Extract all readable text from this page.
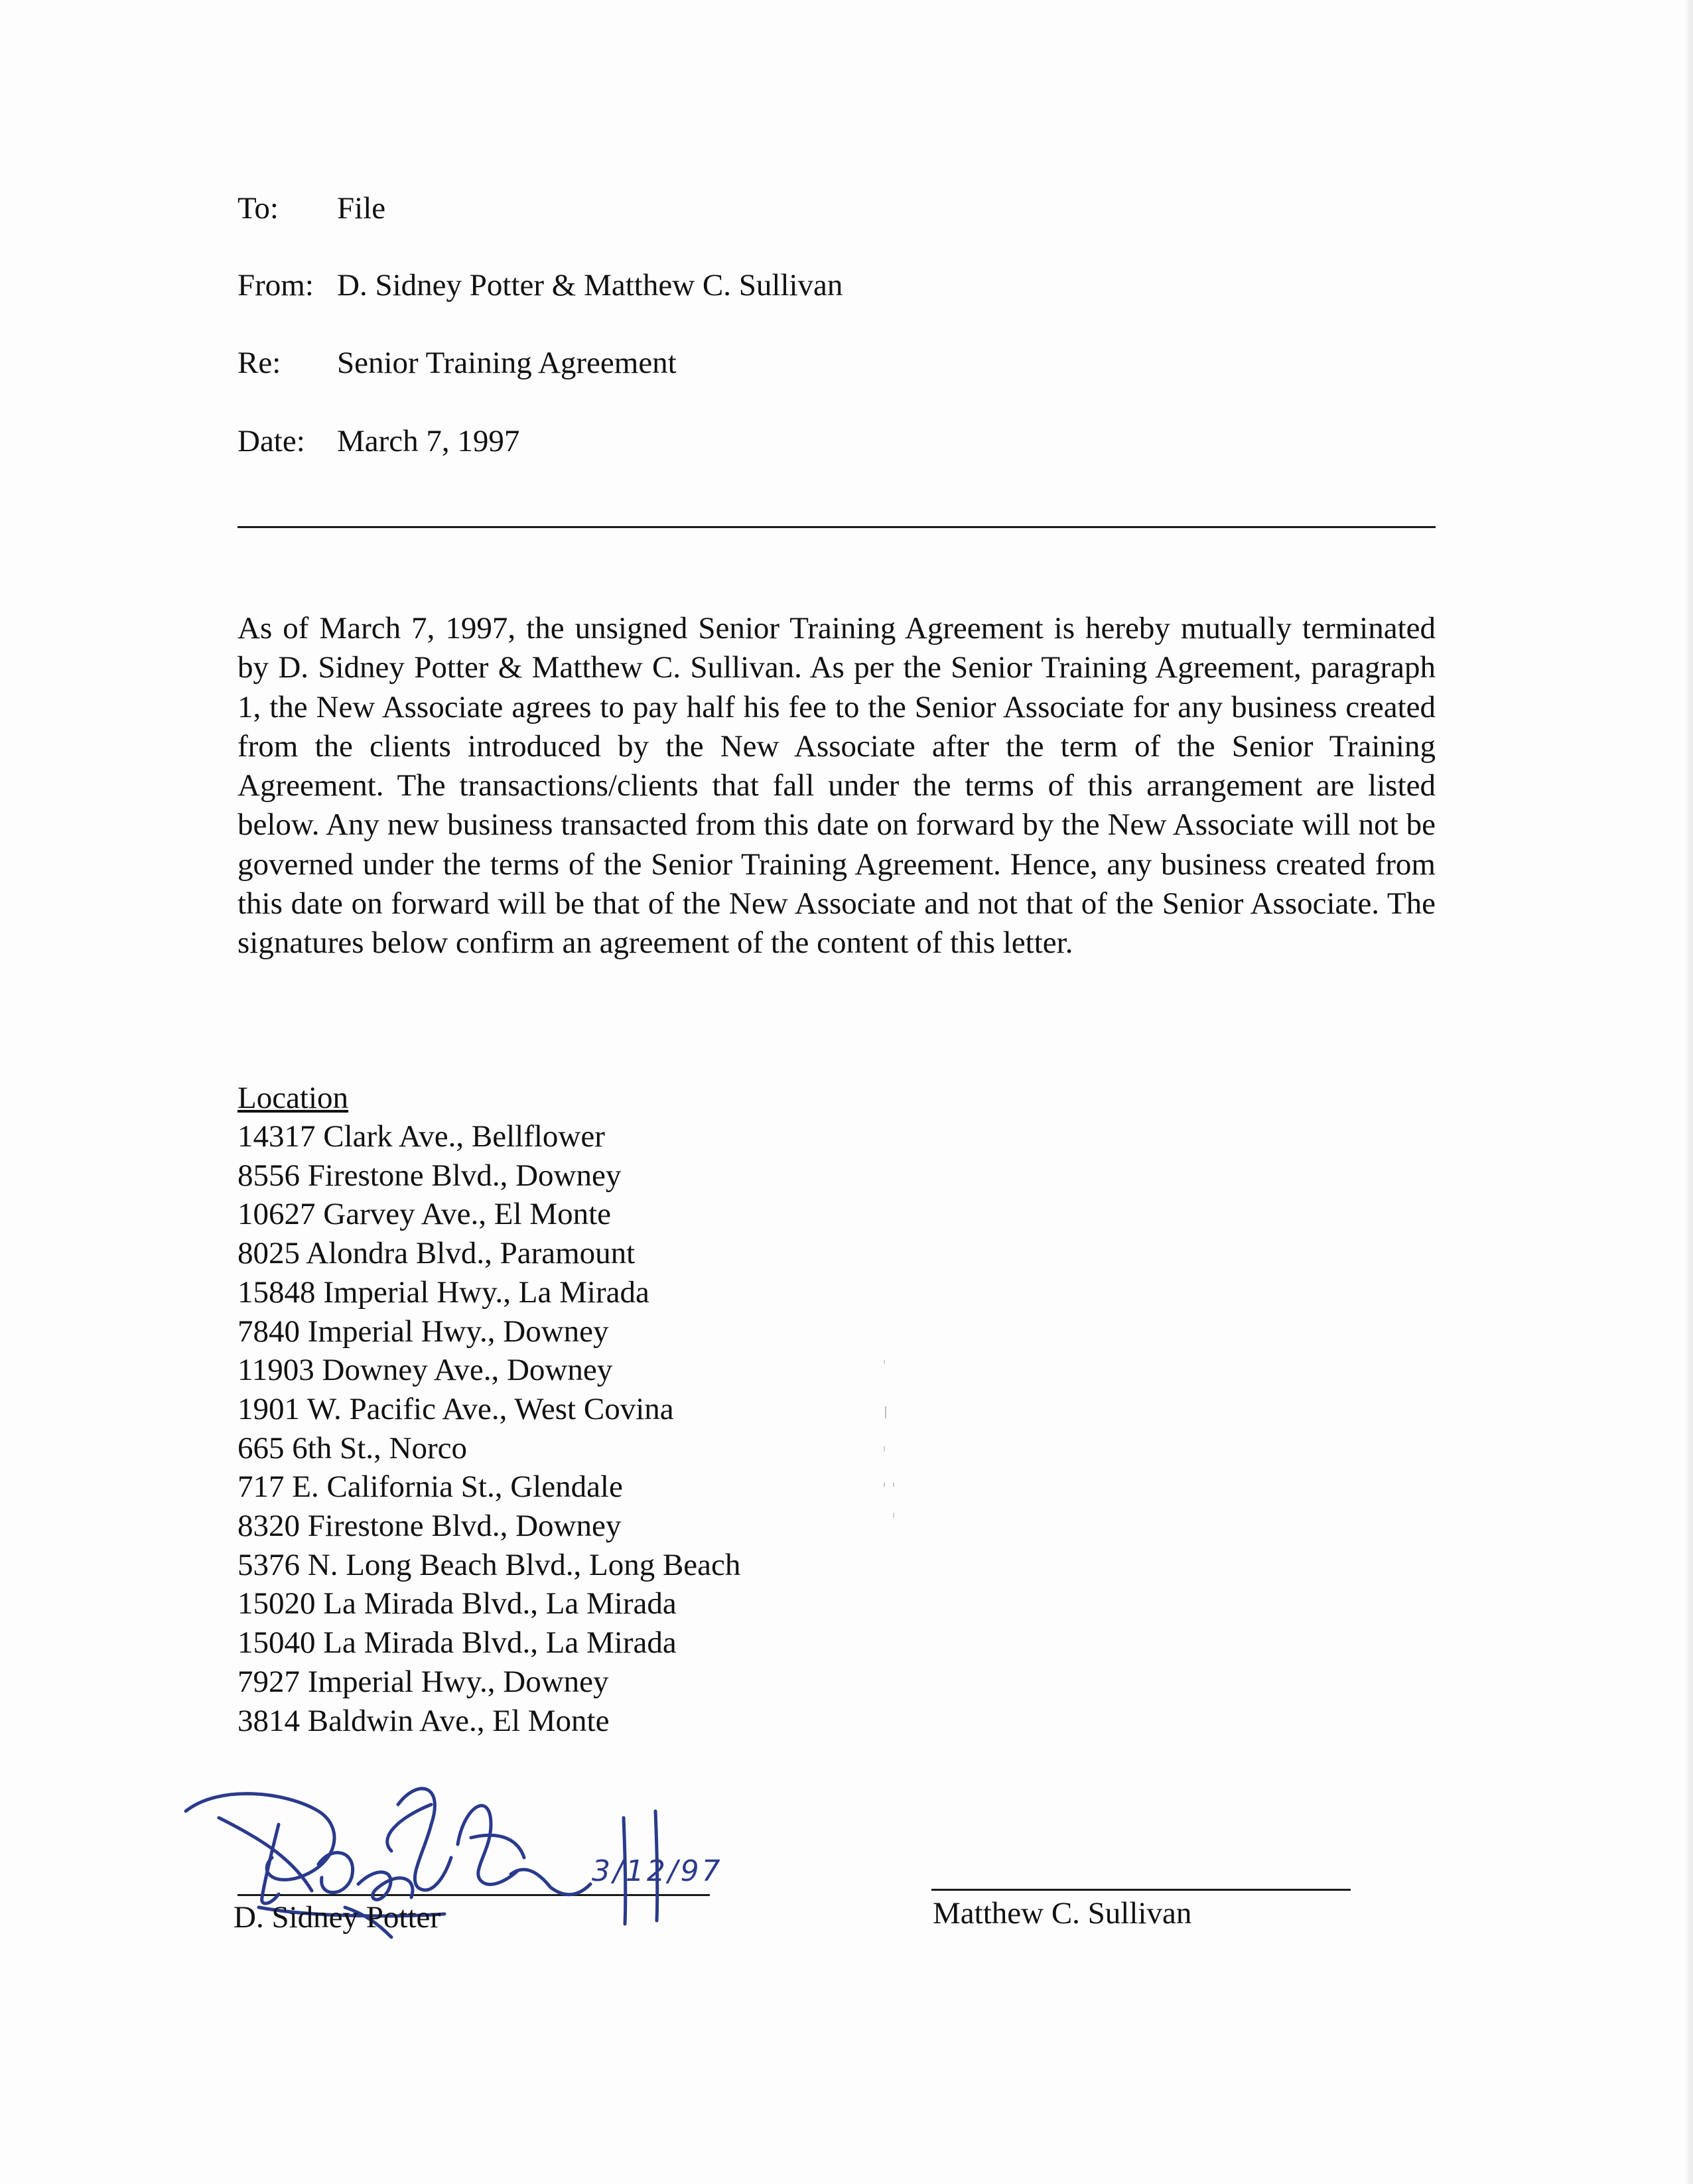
To: File
From: D. Sidney Potter & Matthew C. Sullivan
Re: Senior Training Agreement
Date: March 7, 1997

As of March 7, 1997, the unsigned Senior Training Agreement is hereby mutually terminated by D. Sidney Potter & Matthew C. Sullivan. As per the Senior Training Agreement, paragraph 1, the New Associate agrees to pay half his fee to the Senior Associate for any business created from the clients introduced by the New Associate after the term of the Senior Training Agreement. The transactions/clients that fall under the terms of this arrangement are listed below. Any new business transacted from this date on forward by the New Associate will not be governed under the terms of the Senior Training Agreement. Hence, any business created from this date on forward will be that of the New Associate and not that of the Senior Associate. The signatures below confirm an agreement of the content of this letter.

Location
14317 Clark Ave., Bellflower
8556 Firestone Blvd., Downey
10627 Garvey Ave., El Monte
8025 Alondra Blvd., Paramount
15848 Imperial Hwy., La Mirada
7840 Imperial Hwy., Downey
11903 Downey Ave., Downey
1901 W. Pacific Ave., West Covina
665 6th St., Norco
717 E. California St., Glendale
8320 Firestone Blvd., Downey
5376 N. Long Beach Blvd., Long Beach
15020 La Mirada Blvd., La Mirada
15040 La Mirada Blvd., La Mirada
7927 Imperial Hwy., Downey
3814 Baldwin Ave., El Monte
3/12/97
D. Sidney Potter	Matthew C. Sullivan
